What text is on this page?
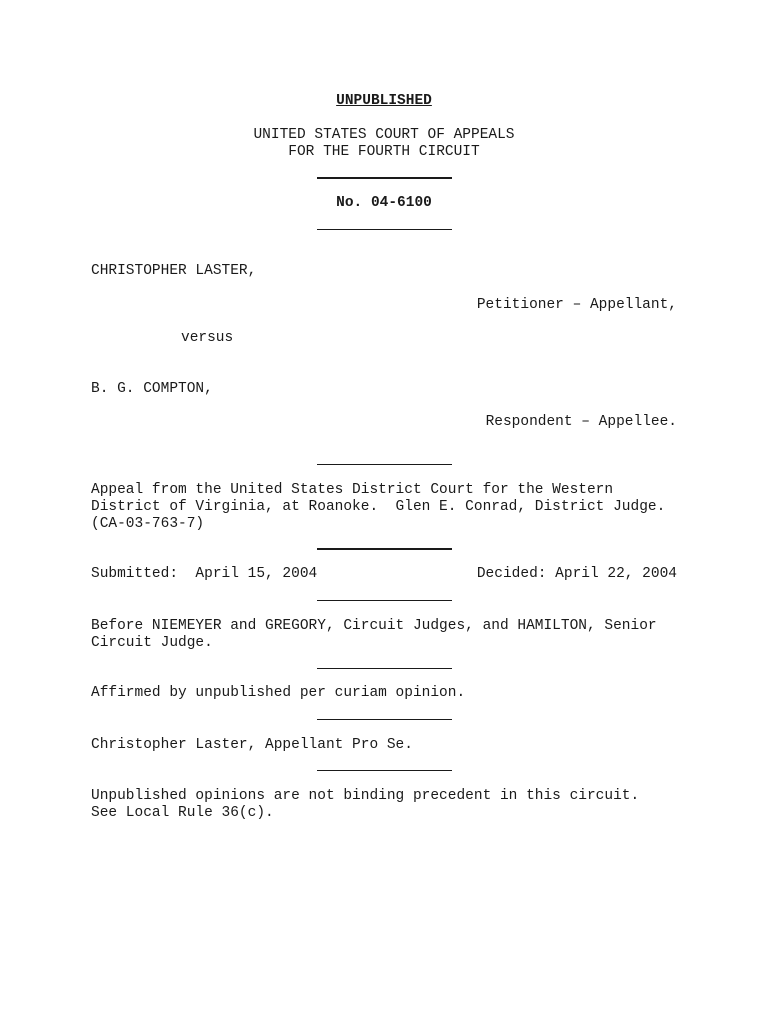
UNPUBLISHED
UNITED STATES COURT OF APPEALS
FOR THE FOURTH CIRCUIT
No. 04-6100
CHRISTOPHER LASTER,
Petitioner – Appellant,
versus
B. G. COMPTON,
Respondent – Appellee.
Appeal from the United States District Court for the Western
District of Virginia, at Roanoke.  Glen E. Conrad, District Judge.
(CA-03-763-7)
Submitted:  April 15, 2004	Decided: April 22, 2004
Before NIEMEYER and GREGORY, Circuit Judges, and HAMILTON, Senior
Circuit Judge.
Affirmed by unpublished per curiam opinion.
Christopher Laster, Appellant Pro Se.
Unpublished opinions are not binding precedent in this circuit.
See Local Rule 36(c).
